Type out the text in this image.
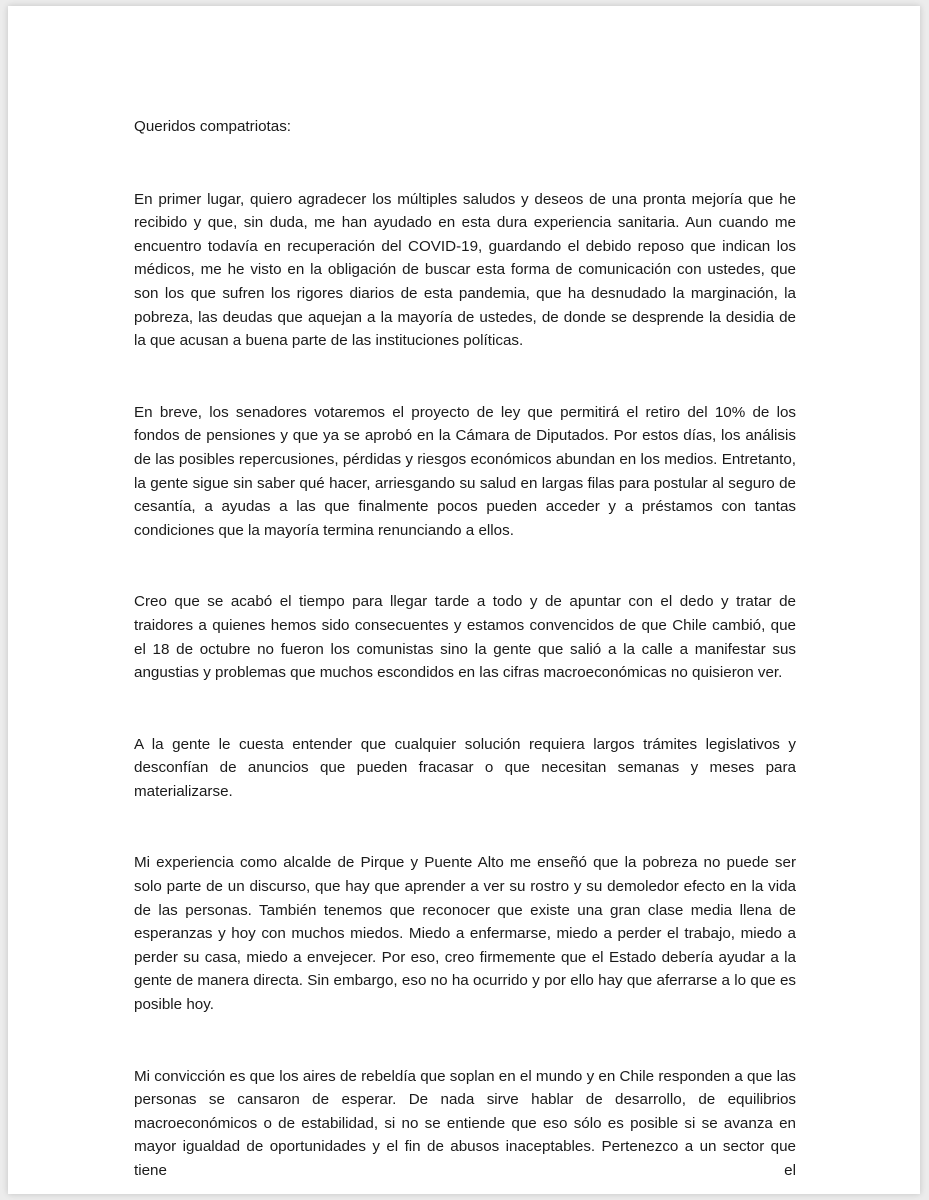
Queridos compatriotas:

En primer lugar, quiero agradecer los múltiples saludos y deseos de una pronta mejoría que he recibido y que, sin duda, me han ayudado en esta dura experiencia sanitaria. Aun cuando me encuentro todavía en recuperación del COVID-19, guardando el debido reposo que indican los médicos, me he visto en la obligación de buscar esta forma de comunicación con ustedes, que son los que sufren los rigores diarios de esta pandemia, que ha desnudado la marginación, la pobreza, las deudas que aquejan a la mayoría de ustedes, de donde se desprende la desidia de la que acusan a buena parte de las instituciones políticas.

En breve, los senadores votaremos el proyecto de ley que permitirá el retiro del 10% de los fondos de pensiones y que ya se aprobó en la Cámara de Diputados. Por estos días, los análisis de las posibles repercusiones, pérdidas y riesgos económicos abundan en los medios. Entretanto, la gente sigue sin saber qué hacer, arriesgando su salud en largas filas para postular al seguro de cesantía, a ayudas a las que finalmente pocos pueden acceder y a préstamos con tantas condiciones que la mayoría termina renunciando a ellos.

Creo que se acabó el tiempo para llegar tarde a todo y de apuntar con el dedo y tratar de traidores a quienes hemos sido consecuentes y estamos convencidos de que Chile cambió, que el 18 de octubre no fueron los comunistas sino la gente que salió a la calle a manifestar sus angustias y problemas que muchos escondidos en las cifras macroeconómicas no quisieron ver.

A la gente le cuesta entender que cualquier solución requiera largos trámites legislativos y desconfían de anuncios que pueden fracasar o que necesitan semanas y meses para materializarse.

Mi experiencia como alcalde de Pirque y Puente Alto me enseñó que la pobreza no puede ser solo parte de un discurso, que hay que aprender a ver su rostro y su demoledor efecto en la vida de las personas. También tenemos que reconocer que existe una gran clase media llena de esperanzas y hoy con muchos miedos. Miedo a enfermarse, miedo a perder el trabajo, miedo a perder su casa, miedo a envejecer. Por eso, creo firmemente que el Estado debería ayudar a la gente de manera directa. Sin embargo, eso no ha ocurrido y por ello hay que aferrarse a lo que es posible hoy.

Mi convicción es que los aires de rebeldía que soplan en el mundo y en Chile responden a que las personas se cansaron de esperar. De nada sirve hablar de desarrollo, de equilibrios macroeconómicos o de estabilidad, si no se entiende que eso sólo es posible si se avanza en mayor igualdad de oportunidades y el fin de abusos inaceptables. Pertenezco a un sector que tiene el
